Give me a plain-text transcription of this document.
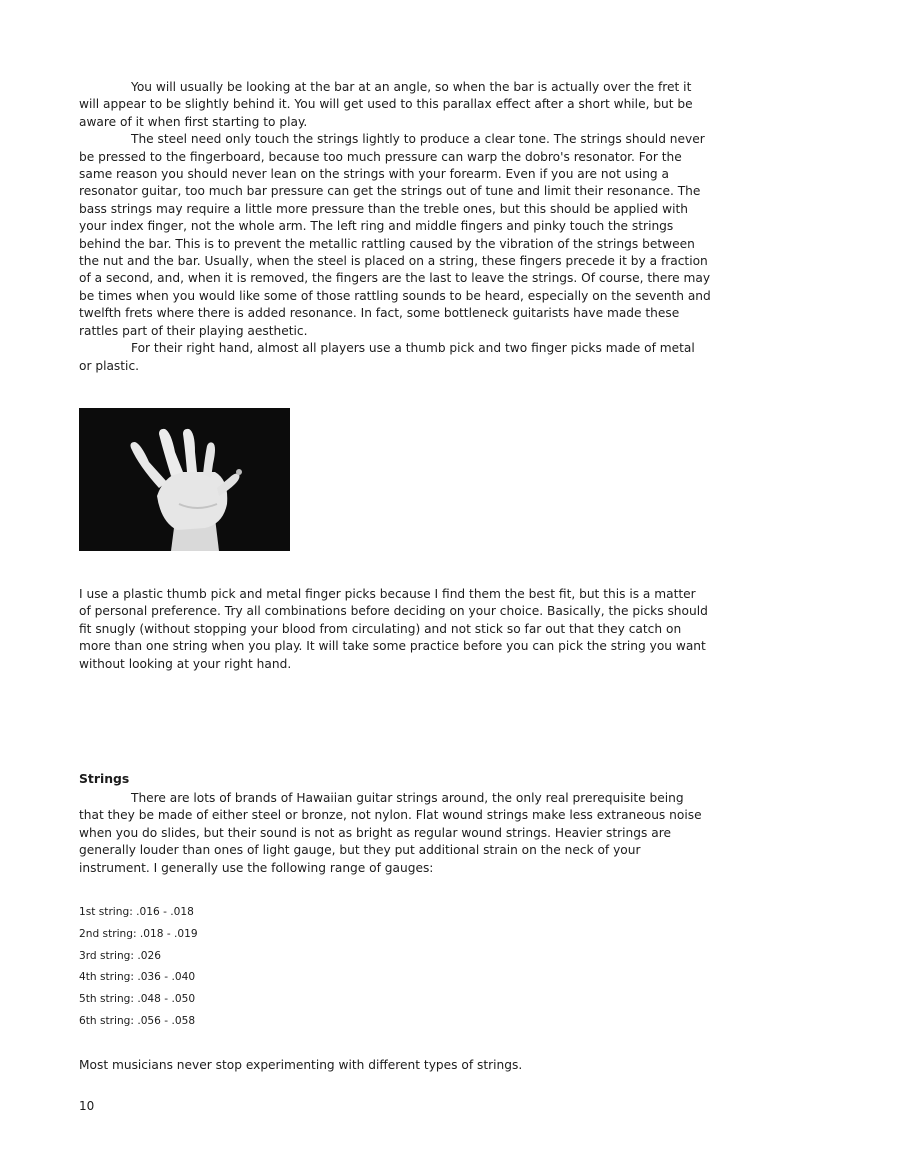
You will usually be looking at the bar at an angle, so when the bar is actually over the fret it will appear to be slightly behind it. You will get used to this parallax effect after a short while, but be aware of it when first starting to play.

The steel need only touch the strings lightly to produce a clear tone. The strings should never be pressed to the fingerboard, because too much pressure can warp the dobro's resonator. For the same reason you should never lean on the strings with your forearm. Even if you are not using a resonator guitar, too much bar pressure can get the strings out of tune and limit their resonance. The bass strings may require a little more pressure than the treble ones, but this should be applied with your index finger, not the whole arm. The left ring and middle fingers and pinky touch the strings behind the bar. This is to prevent the metallic rattling caused by the vibration of the strings between the nut and the bar. Usually, when the steel is placed on a string, these fingers precede it by a fraction of a second, and, when it is removed, the fingers are the last to leave the strings. Of course, there may be times when you would like some of those rattling sounds to be heard, especially on the seventh and twelfth frets where there is added resonance. In fact, some bottleneck guitarists have made these rattles part of their playing aesthetic.

For their right hand, almost all players use a thumb pick and two finger picks made of metal or plastic.

I use a plastic thumb pick and metal finger picks because I find them the best fit, but this is a matter of personal preference. Try all combinations before deciding on your choice. Basically, the picks should fit snugly (without stopping your blood from circulating) and not stick so far out that they catch on more than one string when you play. It will take some practice before you can pick the string you want without looking at your right hand.
Strings

There are lots of brands of Hawaiian guitar strings around, the only real prerequisite being that they be made of either steel or bronze, not nylon. Flat wound strings make less extraneous noise when you do slides, but their sound is not as bright as regular wound strings. Heavier strings are generally louder than ones of light gauge, but they put additional strain on the neck of your instrument. I generally use the following range of gauges:

1st string: .016 - .018
2nd string: .018 - .019
3rd string: .026
4th string: .036 - .040
5th string: .048 - .050
6th string: .056 - .058

Most musicians never stop experimenting with different types of strings.

10
